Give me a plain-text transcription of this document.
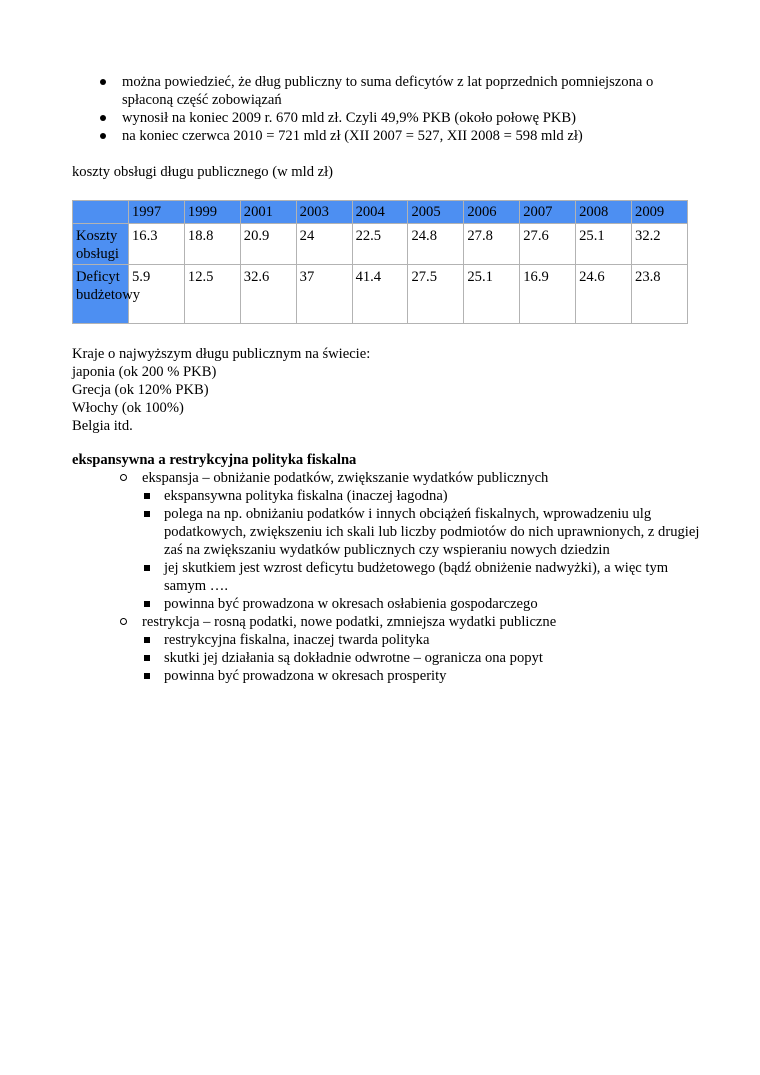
można powiedzieć, że dług publiczny to suma deficytów z lat poprzednich pomniejszona o spłaconą część zobowiązań
wynosił na koniec 2009 r. 670 mld zł. Czyli 49,9% PKB (około połowę PKB)
na koniec czerwca 2010 = 721 mld zł (XII 2007 = 527, XII 2008 = 598 mld zł)
koszty obsługi długu publicznego (w mld zł)
	1997	1999	2001	2003	2004	2005	2006	2007	2008	2009
Koszty obsługi	16.3	18.8	20.9	24	22.5	24.8	27.8	27.6	25.1	32.2
Deficyt budżetowy	5.9	12.5	32.6	37	41.4	27.5	25.1	16.9	24.6	23.8
Kraje o najwyższym długu publicznym na świecie:
japonia (ok 200 % PKB)
Grecja (ok 120% PKB)
Włochy (ok 100%)
Belgia itd.
ekspansywna a restrykcyjna polityka fiskalna
ekspansja – obniżanie podatków, zwiększanie wydatków publicznych
ekspansywna polityka fiskalna (inaczej łagodna)
polega na np. obniżaniu podatków i innych obciążeń fiskalnych, wprowadzeniu ulg podatkowych, zwiększeniu ich skali lub liczby podmiotów do nich uprawnionych, z drugiej zaś na zwiększaniu wydatków publicznych czy wspieraniu nowych dziedzin
jej skutkiem jest wzrost deficytu budżetowego (bądź obniżenie nadwyżki), a więc tym samym ….
powinna być prowadzona w okresach osłabienia gospodarczego
restrykcja – rosną podatki, nowe podatki, zmniejsza wydatki publiczne
restrykcyjna fiskalna, inaczej twarda polityka
skutki jej działania są dokładnie odwrotne – ogranicza ona popyt
powinna być prowadzona w okresach prosperity
